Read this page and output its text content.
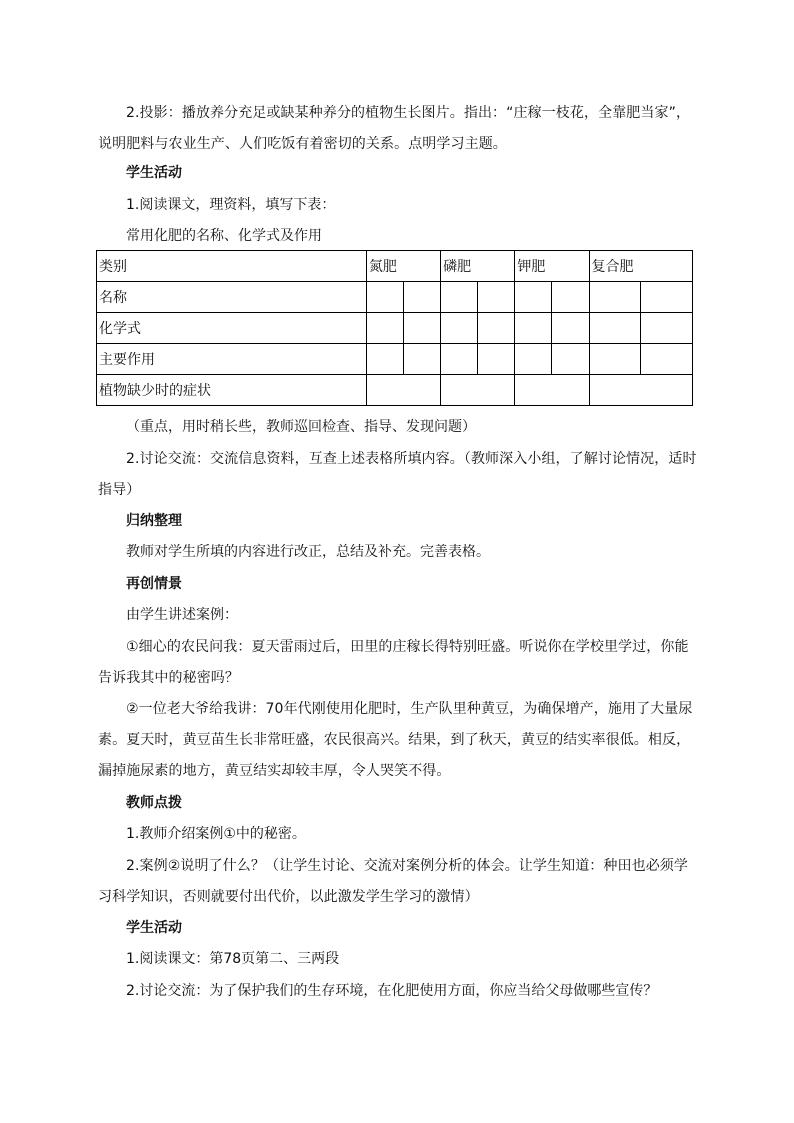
2.投影：播放养分充足或缺某种养分的植物生长图片。指出：“庄稼一枝花，全靠肥当家”，说明肥料与农业生产、人们吃饭有着密切的关系。点明学习主题。

学生活动

1.阅读课文，理资料，填写下表：

常用化肥的名称、化学式及作用

类别	氮肥		磷肥		钾肥		复合肥	
名称								
化学式								
主要作用								
植物缺少时的症状								

（重点，用时稍长些，教师巡回检查、指导、发现问题）

2.讨论交流：交流信息资料，互查上述表格所填内容。（教师深入小组，了解讨论情况，适时指导）

归纳整理

教师对学生所填的内容进行改正，总结及补充。完善表格。

再创情景

由学生讲述案例：

①细心的农民问我：夏天雷雨过后，田里的庄稼长得特别旺盛。听说你在学校里学过，你能告诉我其中的秘密吗？

②一位老大爷给我讲：70年代刚使用化肥时，生产队里种黄豆，为确保增产，施用了大量尿素。夏天时，黄豆苗生长非常旺盛，农民很高兴。结果，到了秋天，黄豆的结实率很低。相反，漏掉施尿素的地方，黄豆结实却较丰厚，令人哭笑不得。

教师点拨

1.教师介绍案例①中的秘密。

2.案例②说明了什么？（让学生讨论、交流对案例分析的体会。让学生知道：种田也必须学习科学知识，否则就要付出代价，以此激发学生学习的激情）

学生活动

1.阅读课文：第78页第二、三两段

2.讨论交流：为了保护我们的生存环境，在化肥使用方面，你应当给父母做哪些宣传？
